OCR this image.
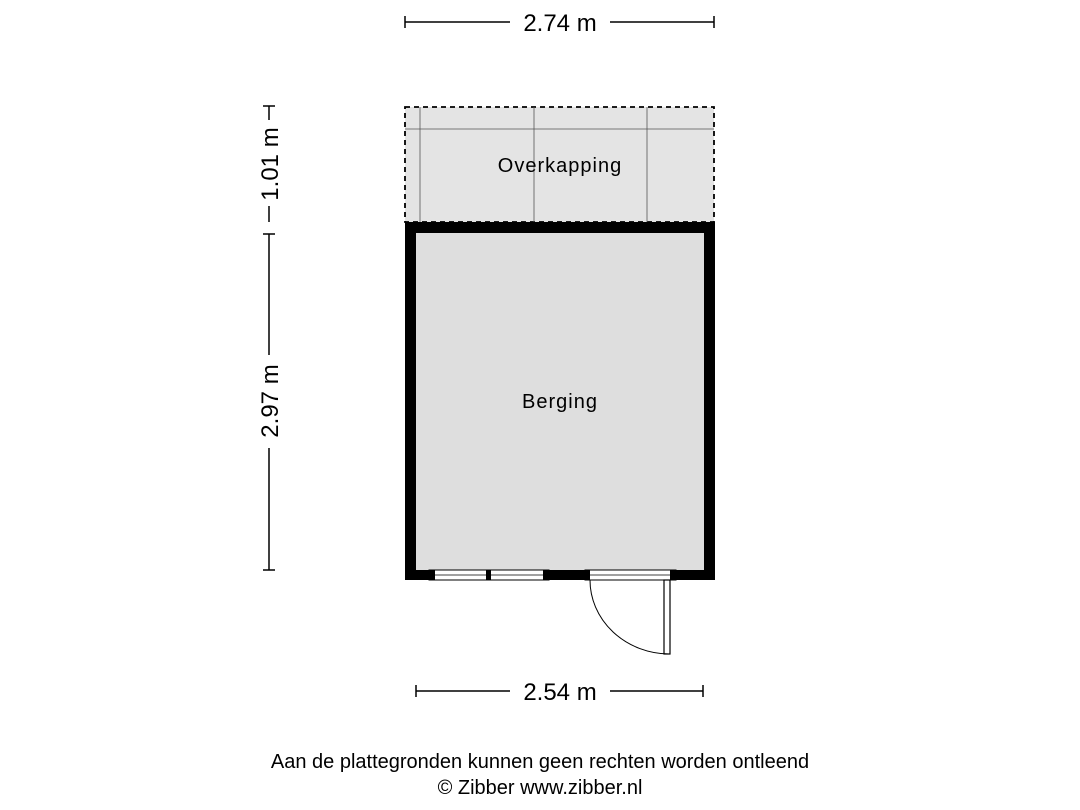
2.74 m
1.01 m
2.97 m
Overkapping
Berging
2.54 m
Aan de plattegronden kunnen geen rechten worden ontleend
© Zibber www.zibber.nl
